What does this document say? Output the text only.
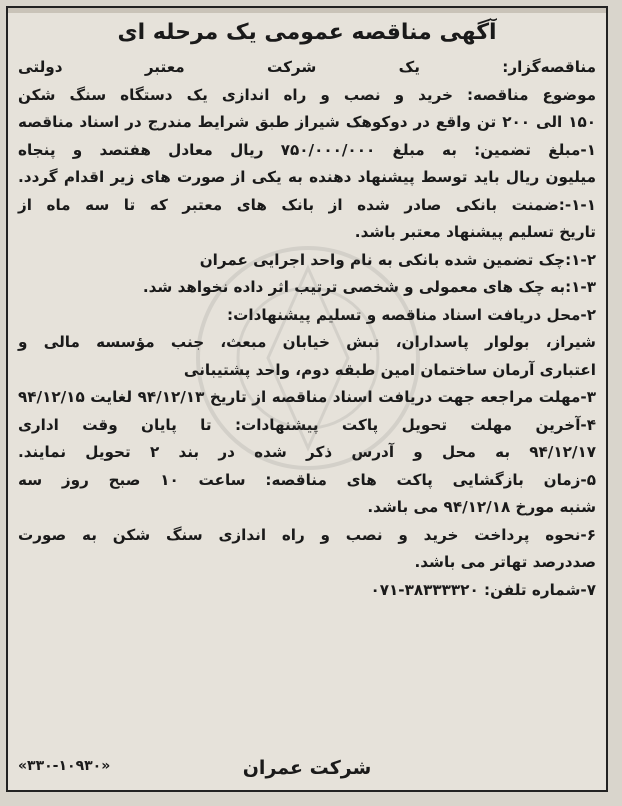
آگهی مناقصه عمومی یک مرحله ای
مناقصه‌گزار: یک شرکت معتبر دولتی
موضوع مناقصه: خرید و نصب و راه اندازی یک دستگاه سنگ شکن
۱۵۰ الی ۲۰۰ تن واقع در دوکوهک شیراز طبق شرایط مندرج در اسناد مناقصه
۱-مبلغ تضمین: به مبلغ ۷۵۰/۰۰۰/۰۰۰ ریال معادل هفتصد و پنجاه
میلیون ریال باید توسط پیشنهاد دهنده به یکی از صورت های زیر اقدام گردد.
۱-۱-:ضمنت بانکی صادر شده از بانک های معتبر که تا سه ماه از
تاریخ تسلیم پیشنهاد معتبر باشد.
۱-۲:چک تضمین شده بانکی به نام واحد اجرایی عمران
۱-۳:به چک های معمولی و شخصی ترتیب اثر داده نخواهد شد.
۲-محل دریافت اسناد مناقصه و تسلیم پیشنهادات:
شیراز، بولوار پاسداران، نبش خیابان مبعث، جنب مؤسسه مالی و
اعتباری آرمان ساختمان امین طبقه دوم، واحد پشتیبانی
۳-مهلت مراجعه جهت دریافت اسناد مناقصه از تاریخ ۹۴/۱۲/۱۳ لغایت ۹۴/۱۲/۱۵
۴-آخرین مهلت تحویل پاکت پیشنهادات: تا پایان وقت اداری
۹۴/۱۲/۱۷ به محل و آدرس ذکر شده در بند ۲ تحویل نمایند.
۵-زمان بازگشایی پاکت های مناقصه: ساعت ۱۰ صبح روز سه
شنبه مورخ ۹۴/۱۲/۱۸ می باشد.
۶-نحوه پرداخت خرید و نصب و راه اندازی سنگ شکن به صورت
صددرصد تهاتر می باشد.
۷-شماره تلفن: ۳۸۳۳۳۳۲۰-۰۷۱
شرکت عمران
«۳۳۰-۱۰۹۳۰»
